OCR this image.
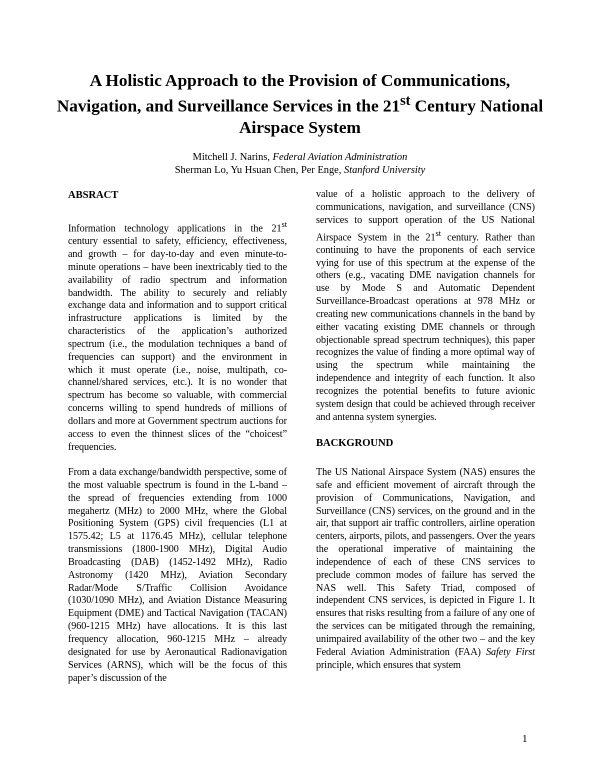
A Holistic Approach to the Provision of Communications, Navigation, and Surveillance Services in the 21st Century National Airspace System
Mitchell J. Narins, Federal Aviation Administration
Sherman Lo, Yu Hsuan Chen, Per Enge, Stanford University
ABSRACT

Information technology applications in the 21st century essential to safety, efficiency, effectiveness, and growth – for day-to-day and even minute-to-minute operations – have been inextricably tied to the availability of radio spectrum and information bandwidth. The ability to securely and reliably exchange data and information and to support critical infrastructure applications is limited by the characteristics of the application’s authorized spectrum (i.e., the modulation techniques a band of frequencies can support) and the environment in which it must operate (i.e., noise, multipath, co-channel/shared services, etc.). It is no wonder that spectrum has become so valuable, with commercial concerns willing to spend hundreds of millions of dollars and more at Government spectrum auctions for access to even the thinnest slices of the “choicest” frequencies.

From a data exchange/bandwidth perspective, some of the most valuable spectrum is found in the L-band – the spread of frequencies extending from 1000 megahertz (MHz) to 2000 MHz, where the Global Positioning System (GPS) civil frequencies (L1 at 1575.42; L5 at 1176.45 MHz), cellular telephone transmissions (1800-1900 MHz), Digital Audio Broadcasting (DAB) (1452-1492 MHz), Radio Astronomy (1420 MHz), Aviation Secondary Radar/Mode S/Traffic Collision Avoidance (1030/1090 MHz), and Aviation Distance Measuring Equipment (DME) and Tactical Navigation (TACAN) (960-1215 MHz) have allocations. It is this last frequency allocation, 960-1215 MHz – already designated for use by Aeronautical Radionavigation Services (ARNS), which will be the focus of this paper’s discussion of the

value of a holistic approach to the delivery of communications, navigation, and surveillance (CNS) services to support operation of the US National Airspace System in the 21st century. Rather than continuing to have the proponents of each service vying for use of this spectrum at the expense of the others (e.g., vacating DME navigation channels for use by Mode S and Automatic Dependent Surveillance-Broadcast operations at 978 MHz or creating new communications channels in the band by either vacating existing DME channels or through objectionable spread spectrum techniques), this paper recognizes the value of finding a more optimal way of using the spectrum while maintaining the independence and integrity of each function. It also recognizes the potential benefits to future avionic system design that could be achieved through receiver and antenna system synergies.

BACKGROUND

The US National Airspace System (NAS) ensures the safe and efficient movement of aircraft through the provision of Communications, Navigation, and Surveillance (CNS) services, on the ground and in the air, that support air traffic controllers, airline operation centers, airports, pilots, and passengers. Over the years the operational imperative of maintaining the independence of each of these CNS services to preclude common modes of failure has served the NAS well. This Safety Triad, composed of independent CNS services, is depicted in Figure 1. It ensures that risks resulting from a failure of any one of the services can be mitigated through the remaining, unimpaired availability of the other two – and the key Federal Aviation Administration (FAA) Safety First principle, which ensures that system

1
